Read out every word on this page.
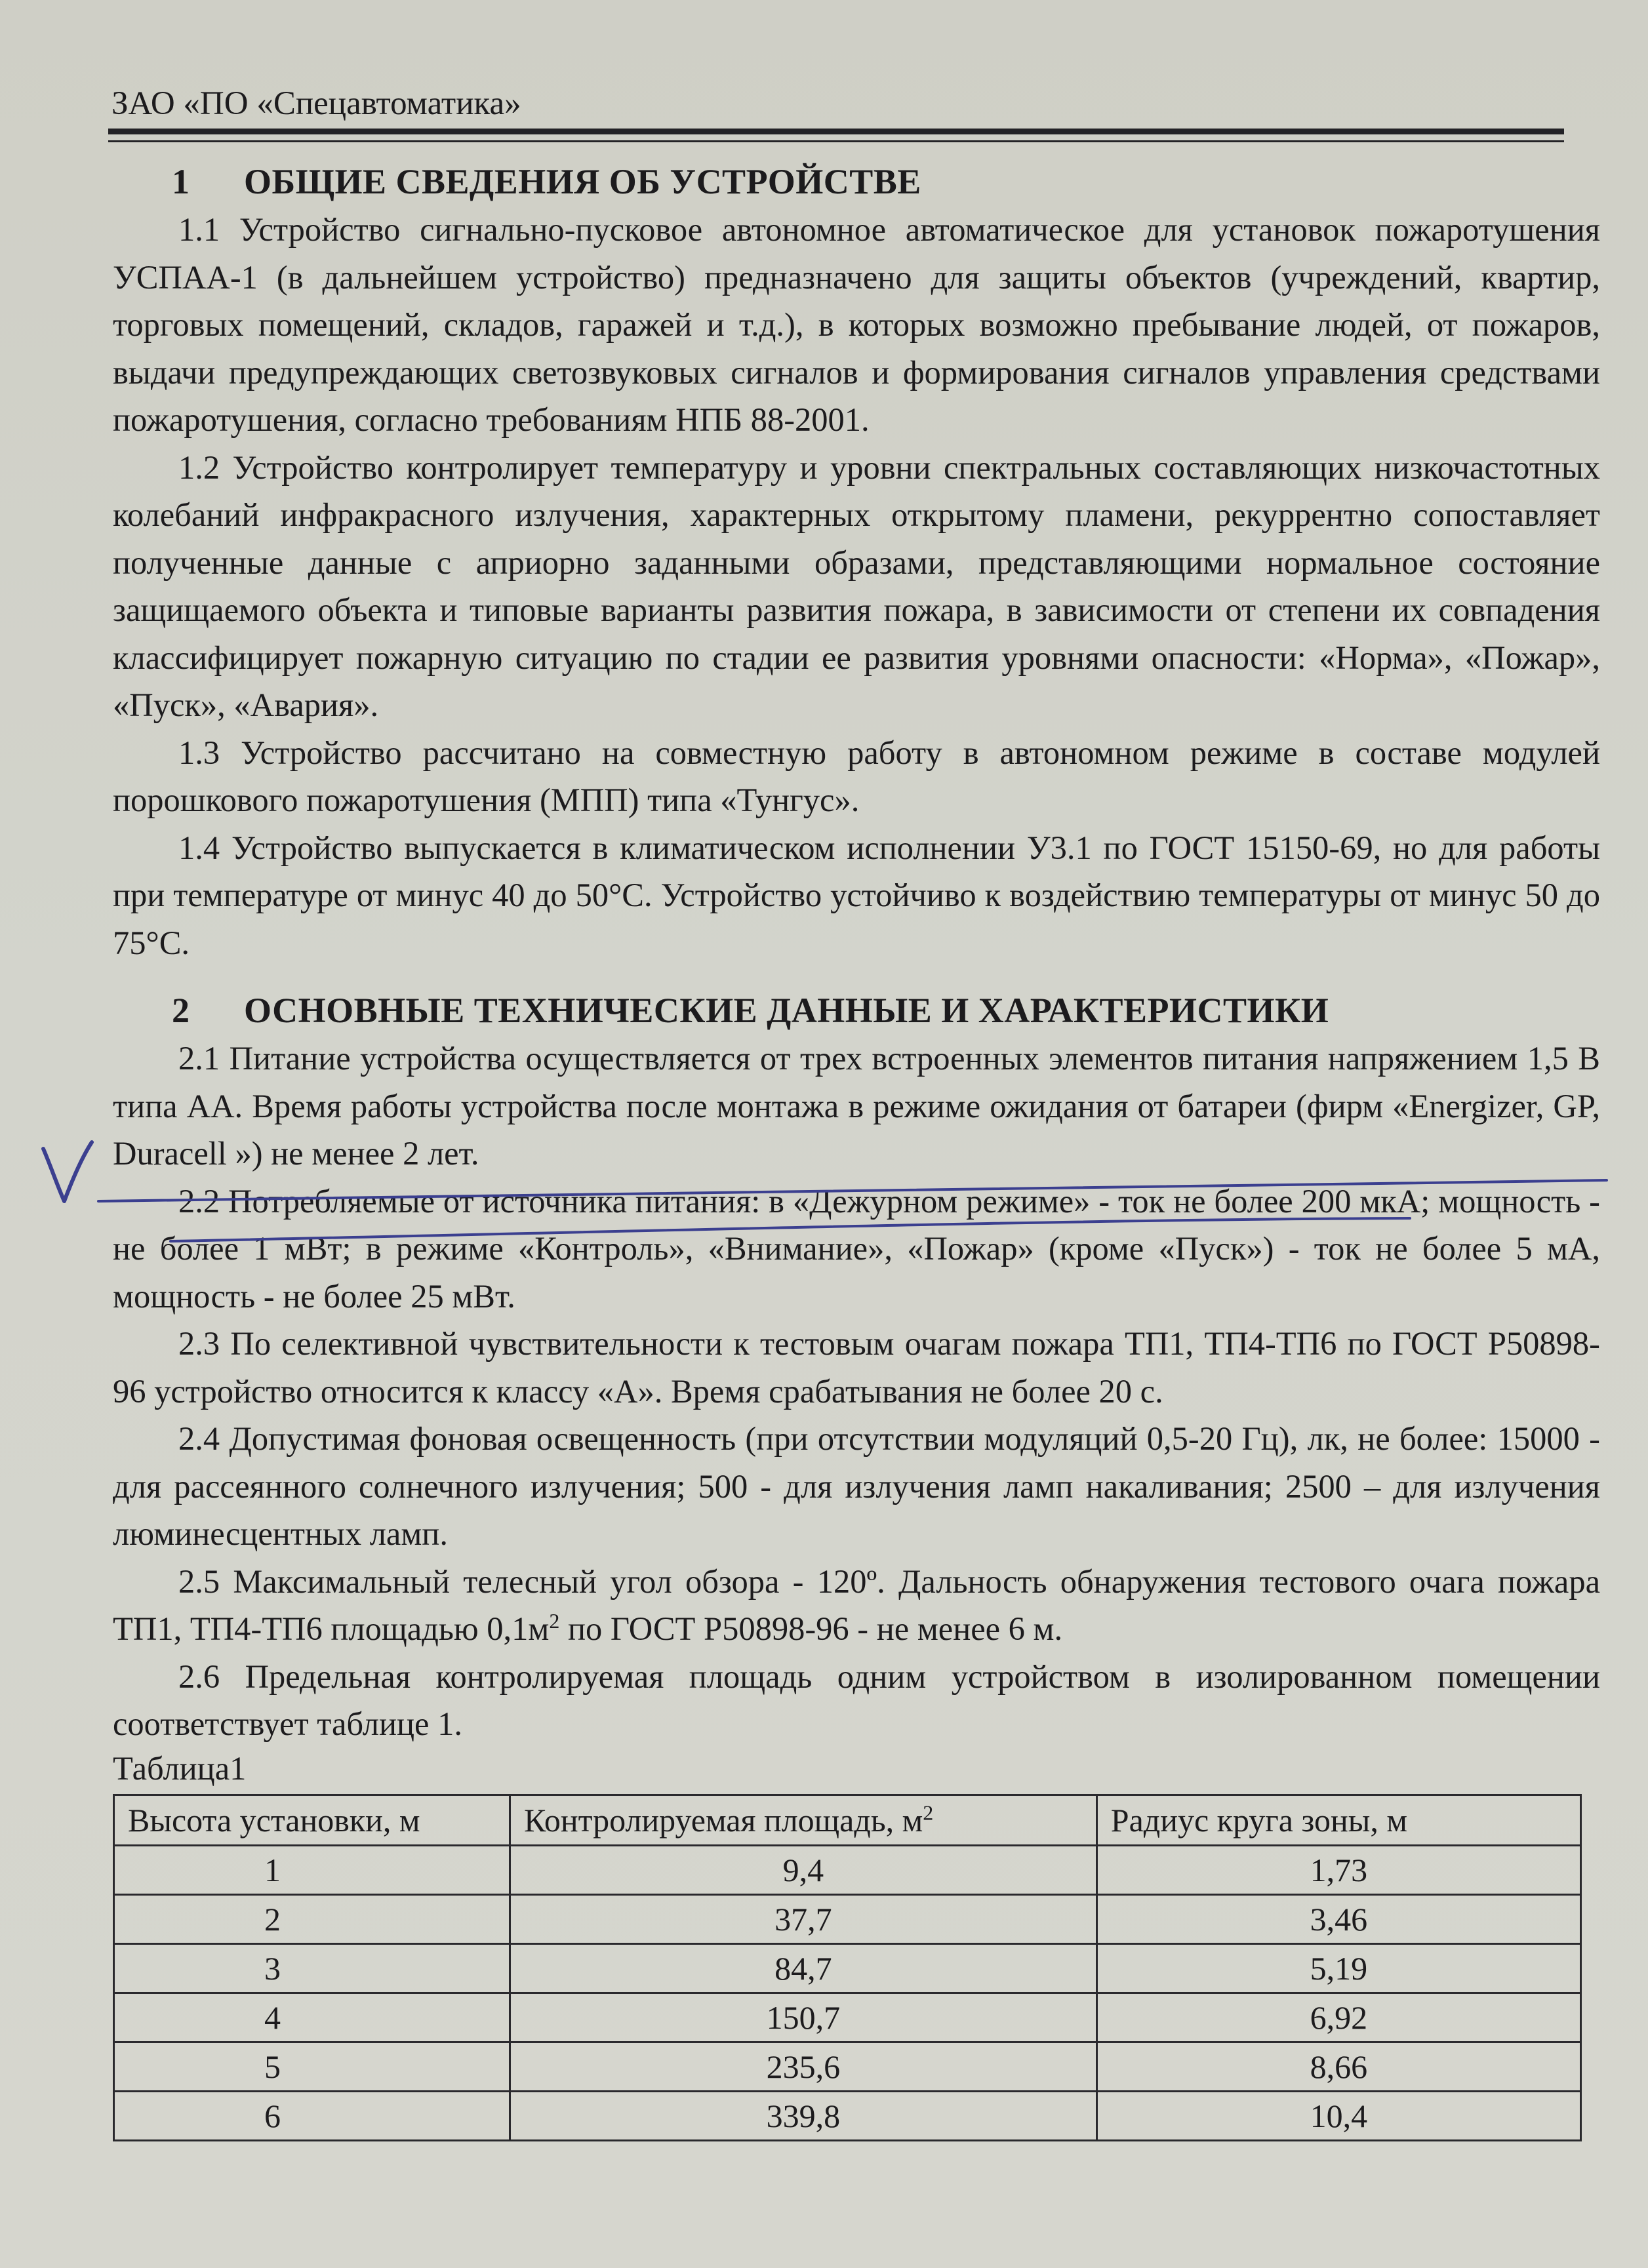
ЗАО «ПО «Спецавтоматика»
1 ОБЩИЕ СВЕДЕНИЯ ОБ УСТРОЙСТВЕ

1.1 Устройство сигнально-пусковое автономное автоматическое для установок пожаротушения УСПАА-1 (в дальнейшем устройство) предназначено для защиты объектов (учреждений, квартир, торговых помещений, складов, гаражей и т.д.), в которых возможно пребывание людей, от пожаров, выдачи предупреждающих светозвуковых сигналов и формирования сигналов управления средствами пожаротушения, согласно требованиям НПБ 88-2001.

1.2 Устройство контролирует температуру и уровни спектральных составляющих низкочастотных колебаний инфракрасного излучения, характерных открытому пламени, рекуррентно сопоставляет полученные данные с априорно заданными образами, представляющими нормальное состояние защищаемого объекта и типовые варианты развития пожара, в зависимости от степени их совпадения классифицирует пожарную ситуацию по стадии ее развития уровнями опасности: «Норма», «Пожар», «Пуск», «Авария».

1.3 Устройство рассчитано на совместную работу в автономном режиме в составе модулей порошкового пожаротушения (МПП) типа «Тунгус».

1.4 Устройство выпускается в климатическом исполнении У3.1 по ГОСТ 15150-69, но для работы при температуре от минус 40 до 50°С. Устройство устойчиво к воздействию температуры от минус 50 до 75°С.

2 ОСНОВНЫЕ ТЕХНИЧЕСКИЕ ДАННЫЕ И ХАРАКТЕРИСТИКИ

2.1 Питание устройства осуществляется от трех встроенных элементов питания напряжением 1,5 В типа АА. Время работы устройства после монтажа в режиме ожидания от батареи (фирм «Energizer, GP, Duracell ») не менее 2 лет.

2.2 Потребляемые от источника питания: в «Дежурном режиме» - ток не более 200 мкА; мощность - не более 1 мВт; в режиме «Контроль», «Внимание», «Пожар» (кроме «Пуск») - ток не более 5 мА, мощность - не более 25 мВт.

2.3 По селективной чувствительности к тестовым очагам пожара ТП1, ТП4-ТП6 по ГОСТ Р50898-96 устройство относится к классу «А». Время срабатывания не более 20 с.

2.4 Допустимая фоновая освещенность (при отсутствии модуляций 0,5-20 Гц), лк, не более: 15000 - для рассеянного солнечного излучения; 500 - для излучения ламп накаливания; 2500 – для излучения люминесцентных ламп.

2.5 Максимальный телесный угол обзора - 120º. Дальность обнаружения тестового очага пожара ТП1, ТП4-ТП6 площадью $0,1м^2$ по ГОСТ Р50898-96 - не менее 6 м.

2.6 Предельная контролируемая площадь одним устройством в изолированном помещении соответствует таблице 1.

Таблица1

Высота установки, м	Контролируемая площадь, $м^2$	Радиус круга зоны, м
1	9,4	1,73
2	37,7	3,46
3	84,7	5,19
4	150,7	6,92
5	235,6	8,66
6	339,8	10,4
